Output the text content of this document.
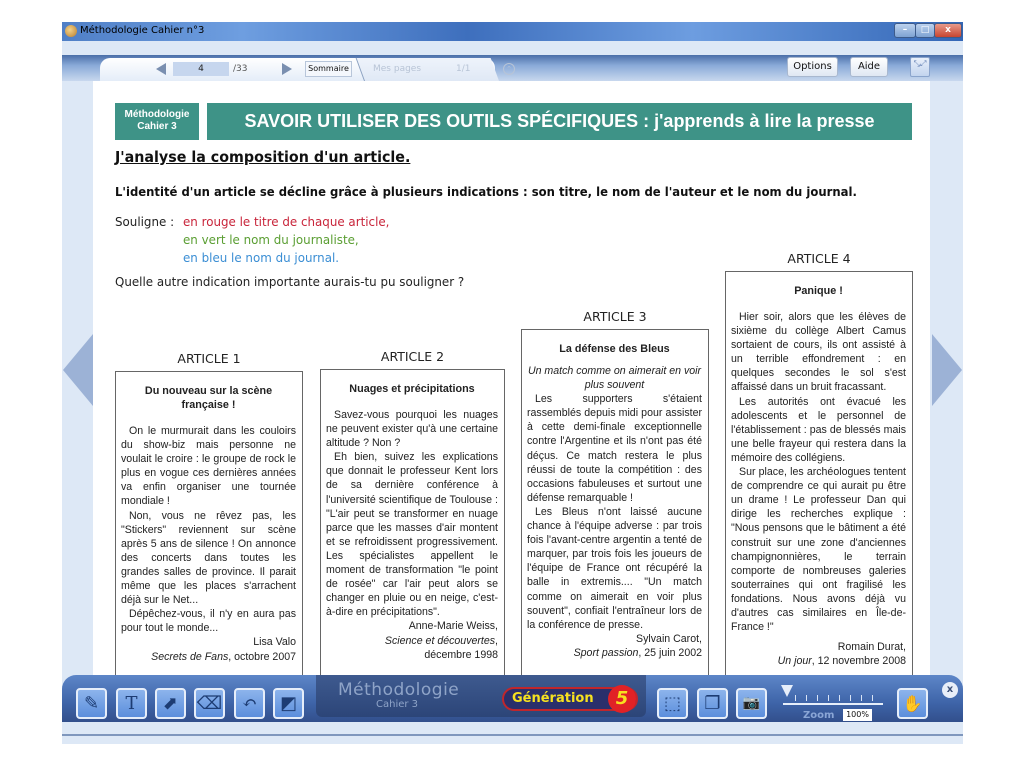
Méthodologie Cahier n°3	–	□	x
4	/33	Sommaire	Mes pages	1/1	⌃	Options	Aide	⤡⤢
Méthodologie
Cahier 3	SAVOIR UTILISER DES OUTILS SPÉCIFIQUES : j'apprends à lire la presse
J'analyse la composition d'un article.
L'identité d'un article se décline grâce à plusieurs indications : son titre, le nom de l'auteur et le nom du journal.
Souligne : en rouge le titre de chaque article,
en vert le nom du journaliste,
en bleu le nom du journal.
Quelle autre indication importante aurais-tu pu souligner ?
ARTICLE 1
Du nouveau sur la scène française !

On le murmurait dans les couloirs du show-biz mais personne ne voulait le croire : le groupe de rock le plus en vogue ces dernières années va enfin organiser une tournée mondiale !

Non, vous ne rêvez pas, les "Stickers" reviennent sur scène après 5 ans de silence ! On annonce des concerts dans toutes les grandes salles de province. Il parait même que les places s'arrachent déjà sur le Net...

Dépêchez-vous, il n'y en aura pas pour tout le monde...

Lisa Valo
Secrets de Fans, octobre 2007
ARTICLE 2
Nuages et précipitations

Savez-vous pourquoi les nuages ne peuvent exister qu'à une certaine altitude ? Non ?

Eh bien, suivez les explications que donnait le professeur Kent lors de sa dernière conférence à l'université scientifique de Toulouse : "L'air peut se transformer en nuage parce que les masses d'air montent et se refroidissent progressivement. Les spécialistes appellent le moment de transformation "le point de rosée" car l'air peut alors se changer en pluie ou en neige, c'est-à-dire en précipitations".

Anne-Marie Weiss,
Science et découvertes,
décembre 1998
ARTICLE 3
La défense des Bleus
Un match comme on aimerait en voir plus souvent

Les supporters s'étaient rassemblés depuis midi pour assister à cette demi-finale exceptionnelle contre l'Argentine et ils n'ont pas été déçus. Ce match restera le plus réussi de toute la compétition : des occasions fabuleuses et surtout une défense remarquable !

Les Bleus n'ont laissé aucune chance à l'équipe adverse : par trois fois l'avant-centre argentin a tenté de marquer, par trois fois les joueurs de l'équipe de France ont récupéré la balle in extremis.... "Un match comme on aimerait en voir plus souvent", confiait l'entraîneur lors de la conférence de presse.

Sylvain Carot,
Sport passion, 25 juin 2002
ARTICLE 4
Panique !

Hier soir, alors que les élèves de sixième du collège Albert Camus sortaient de cours, ils ont assisté à un terrible effondrement : en quelques secondes le sol s'est affaissé dans un bruit fracassant.

Les autorités ont évacué les adolescents et le personnel de l'établissement : pas de blessés mais une belle frayeur qui restera dans la mémoire des collégiens.

Sur place, les archéologues tentent de comprendre ce qui aurait pu être un drame ! Le professeur Dan qui dirige les recherches explique : "Nous pensons que le bâtiment a été construit sur une zone d'anciennes champignonnières, le terrain comporte de nombreuses galeries souterraines qui ont fragilisé les fondations. Nous avons déjà vu d'autres cas similaires en Île-de-France !"

Romain Durat,
Un jour, 12 novembre 2008
✎	T	⬈	⌫	↶	◩
Méthodologie
Cahier 3	Génération	5	⬚	❐	📷
Zoom	100%
✋
x
